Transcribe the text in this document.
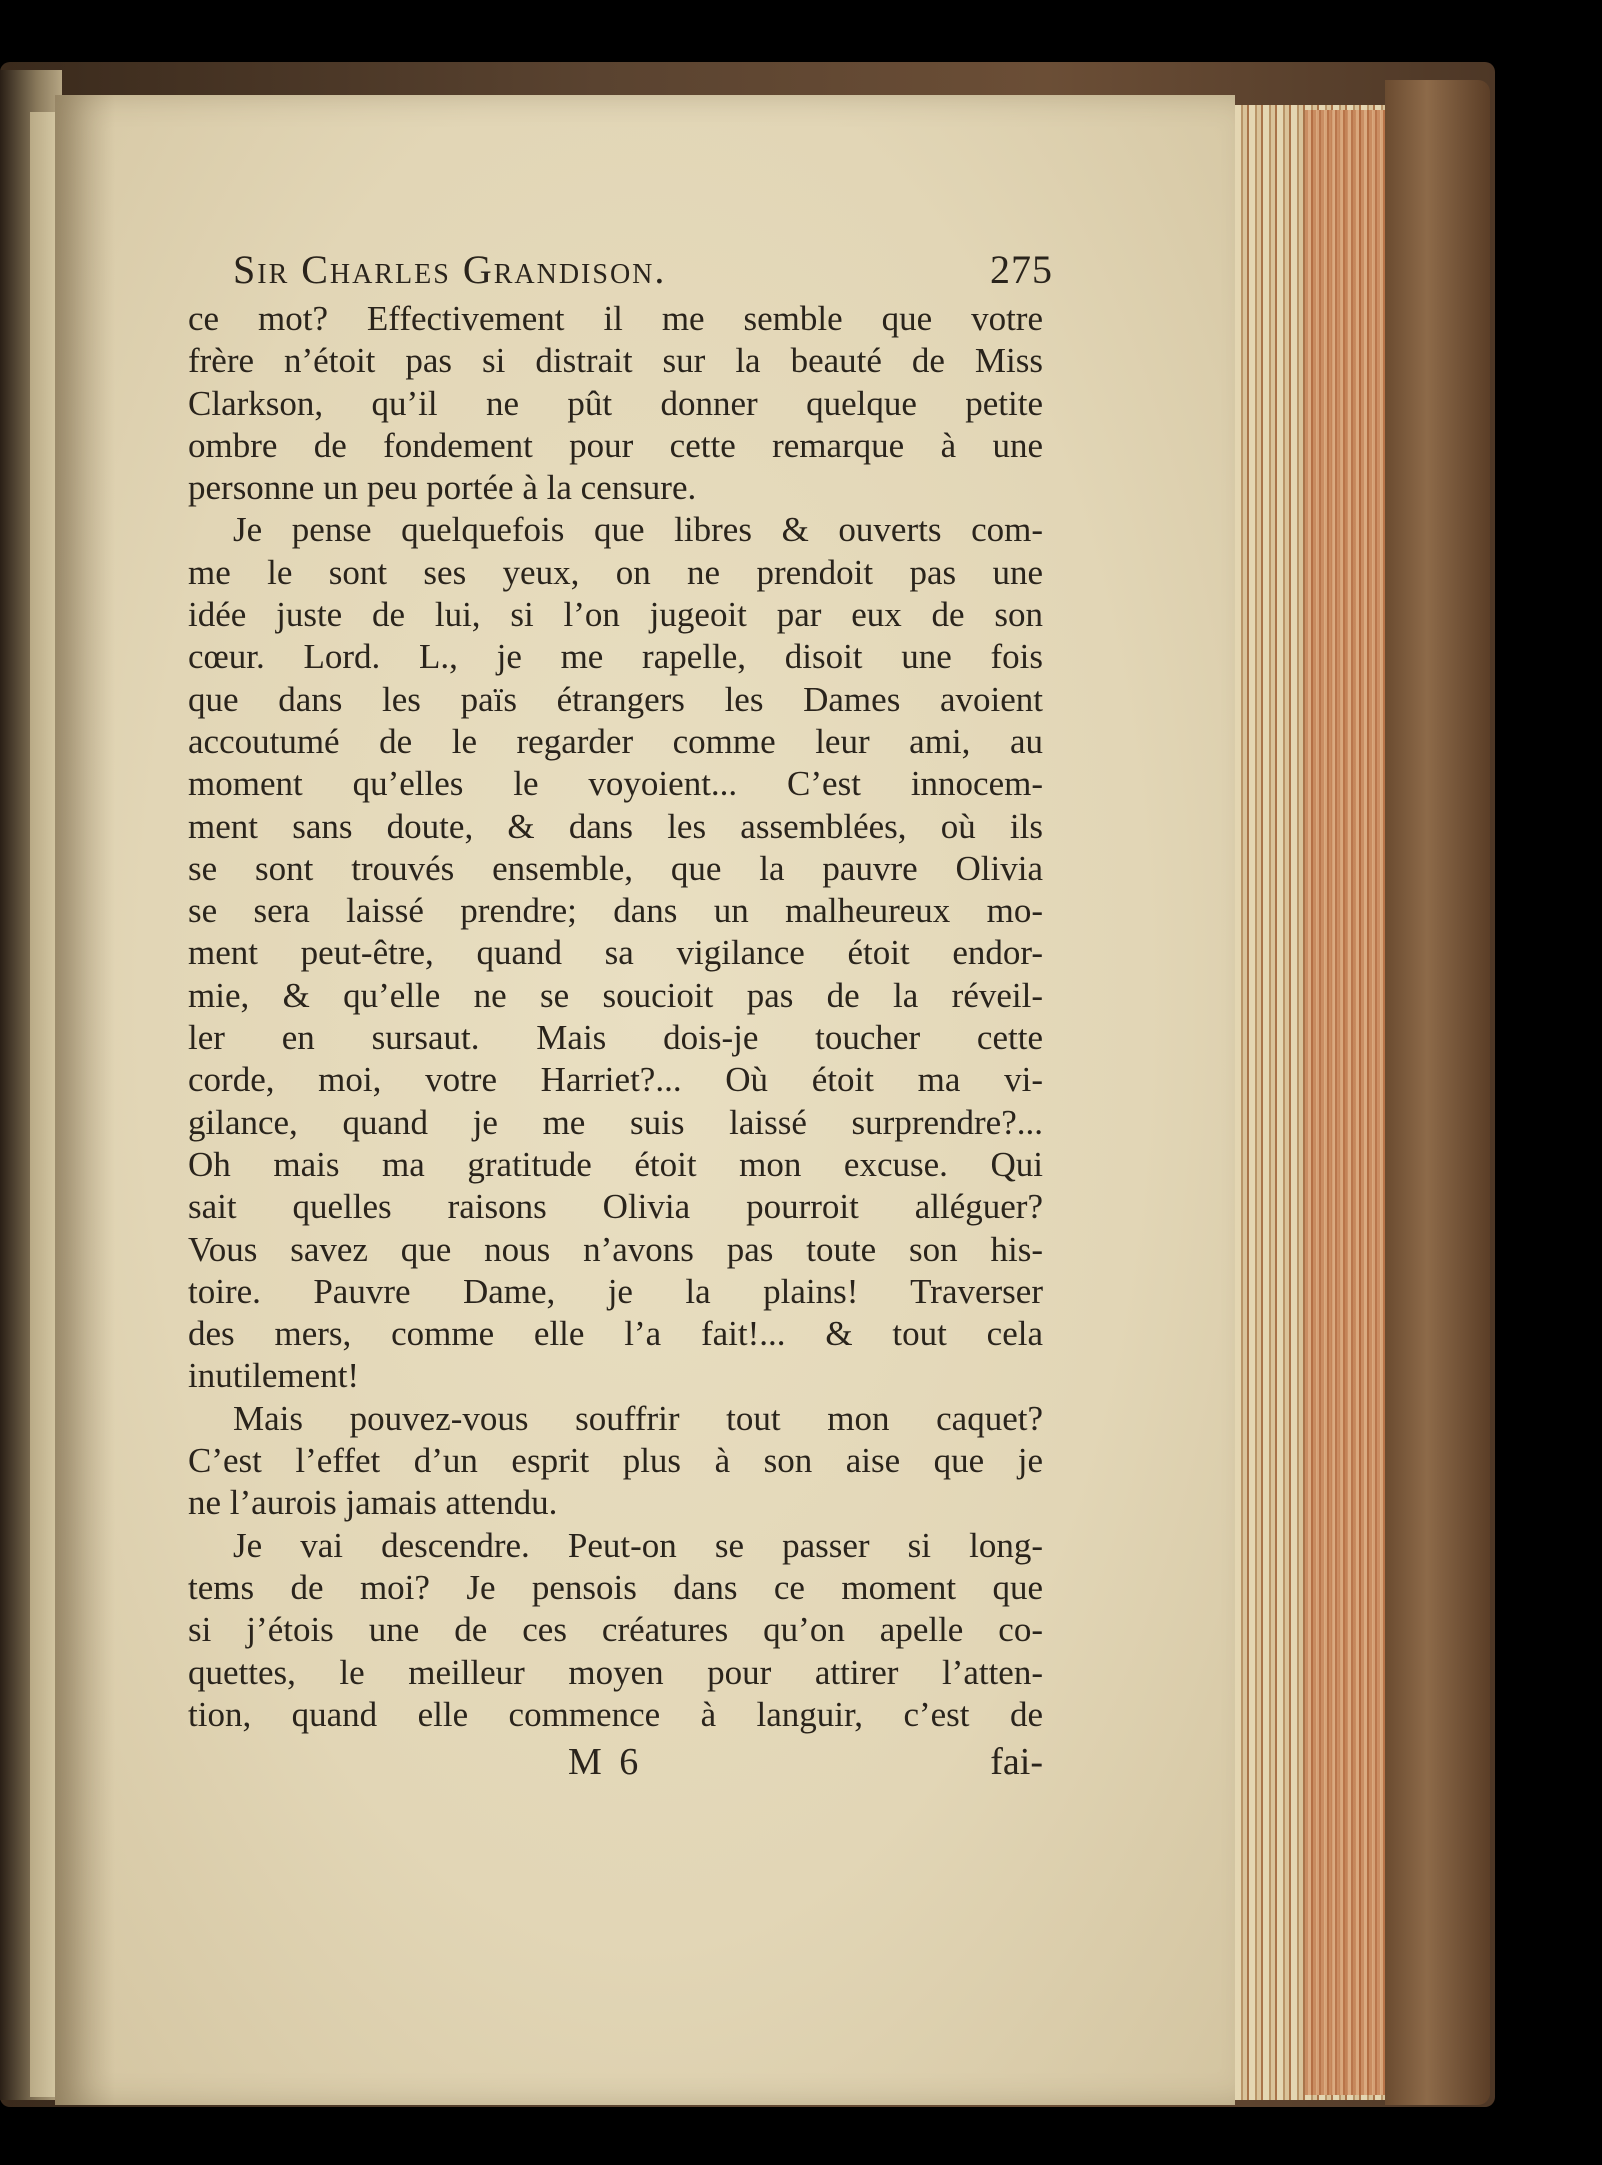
Sir Charles Grandison.	275
ce mot? Effectivement il me semble que votre
frère n’étoit pas si distrait sur la beauté de Miss
Clarkson, qu’il ne pût donner quelque petite
ombre de fondement pour cette remarque à une
personne un peu portée à la censure.
Je pense quelquefois que libres & ouverts com-
me le sont ses yeux, on ne prendoit pas une
idée juste de lui, si l’on jugeoit par eux de son
cœur. Lord. L., je me rapelle, disoit une fois
que dans les païs étrangers les Dames avoient
accoutumé de le regarder comme leur ami, au
moment qu’elles le voyoient... C’est innocem-
ment sans doute, & dans les assemblées, où ils
se sont trouvés ensemble, que la pauvre Olivia
se sera laissé prendre; dans un malheureux mo-
ment peut-être, quand sa vigilance étoit endor-
mie, & qu’elle ne se soucioit pas de la réveil-
ler en sursaut. Mais dois-je toucher cette
corde, moi, votre Harriet?... Où étoit ma vi-
gilance, quand je me suis laissé surprendre?...
Oh mais ma gratitude étoit mon excuse. Qui
sait quelles raisons Olivia pourroit alléguer?
Vous savez que nous n’avons pas toute son his-
toire. Pauvre Dame, je la plains! Traverser
des mers, comme elle l’a fait!... & tout cela
inutilement!
Mais pouvez-vous souffrir tout mon caquet?
C’est l’effet d’un esprit plus à son aise que je
ne l’aurois jamais attendu.
Je vai descendre. Peut-on se passer si long-
tems de moi? Je pensois dans ce moment que
si j’étois une de ces créatures qu’on apelle co-
quettes, le meilleur moyen pour attirer l’atten-
tion, quand elle commence à languir, c’est de
M 6	fai-
